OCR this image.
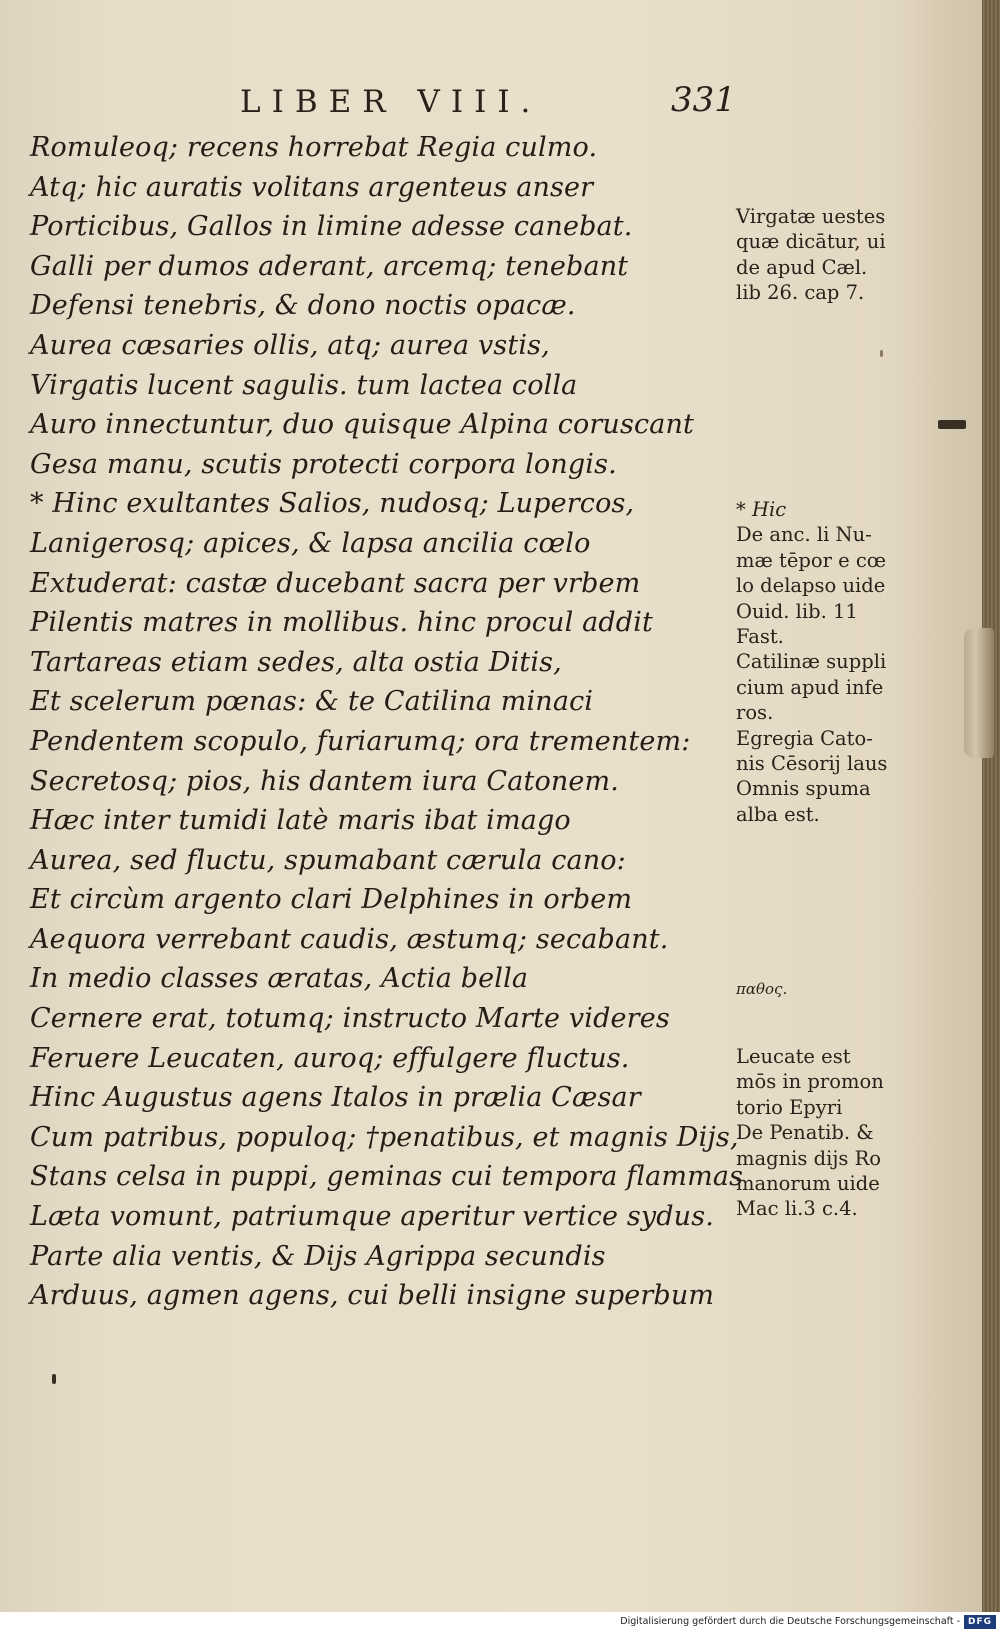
LIBER VIII.	331
Romuleoq; recens horrebat Regia culmo.
Atq; hic auratis volitans argenteus anser
Porticibus, Gallos in limine adesse canebat.
Galli per dumos aderant, arcemq; tenebant
Defensi tenebris, & dono noctis opacæ.
Aurea cæsaries ollis, atq; aurea vstis,
Virgatis lucent sagulis. tum lactea colla
Auro innectuntur, duo quisque Alpina coruscant
Gesa manu, scutis protecti corpora longis.
* Hinc exultantes Salios, nudosq; Lupercos,
Lanigerosq; apices, & lapsa ancilia cœlo
Extuderat: castæ ducebant sacra per vrbem
Pilentis matres in mollibus. hinc procul addit
Tartareas etiam sedes, alta ostia Ditis,
Et scelerum pœnas: & te Catilina minaci
Pendentem scopulo, furiarumq; ora trementem:
Secretosq; pios, his dantem iura Catonem.
Hæc inter tumidi latè maris ibat imago
Aurea, sed fluctu, spumabant cærula cano:
Et circùm argento clari Delphines in orbem
Aequora verrebant caudis, æstumq; secabant.
In medio classes æratas, Actia bella
Cernere erat, totumq; instructo Marte videres
Feruere Leucaten, auroq; effulgere fluctus.
Hinc Augustus agens Italos in prælia Cæsar
Cum patribus, populoq; †penatibus, et magnis Dijs,
Stans celsa in puppi, geminas cui tempora flammas
Læta vomunt, patriumque aperitur vertice sydus.
Parte alia ventis, & Dijs Agrippa secundis
Arduus, agmen agens, cui belli insigne superbum
Virgatæ uestes
quæ dicātur, ui
de apud Cæl.
lib 26. cap 7.
* Hic
De anc. li Nu-
mæ tēpor e cœ
lo delapso uide
Ouid. lib. 11
Fast.
Catilinæ suppli
cium apud infe
ros.
Egregia Cato-
nis Cēsorij laus
Omnis spuma
alba est.
παθος.
Leucate est
mōs in promon
torio Epyri
De Penatib. &
magnis dijs Ro
manorum uide
Mac li.3 c.4.
Digitalisierung gefördert durch die Deutsche Forschungsgemeinschaft - DFG
